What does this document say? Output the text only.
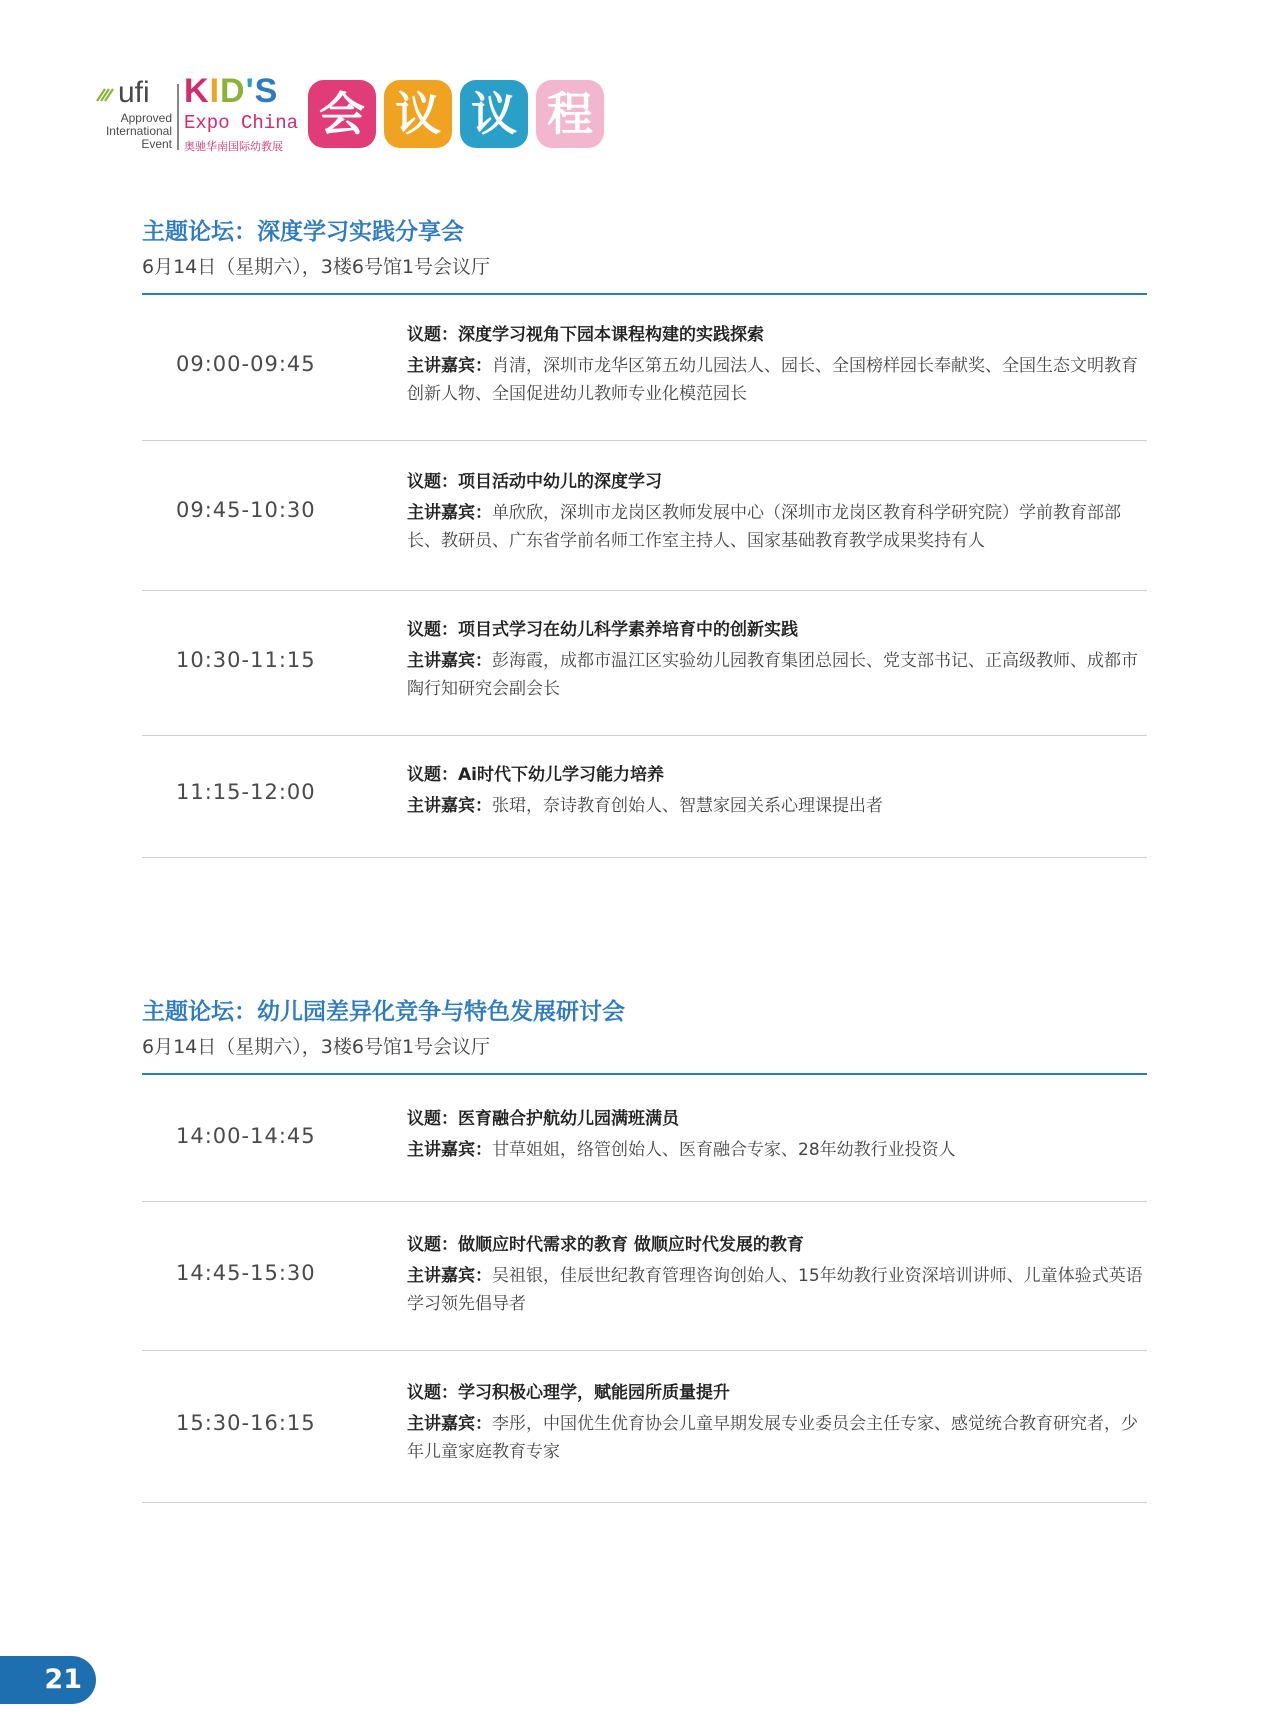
ufi
Approved
International
Event
KID'S
Expo China
奥驰华南国际幼教展
会 议 议 程
主题论坛：深度学习实践分享会
6月14日（星期六），3楼6号馆1号会议厅
09:00-09:45
议题：深度学习视角下园本课程构建的实践探索
主讲嘉宾：肖清，深圳市龙华区第五幼儿园法人、园长、全国榜样园长奉献奖、全国生态文明教育创新人物、全国促进幼儿教师专业化模范园长
09:45-10:30
议题：项目活动中幼儿的深度学习
主讲嘉宾：单欣欣，深圳市龙岗区教师发展中心（深圳市龙岗区教育科学研究院）学前教育部部长、教研员、广东省学前名师工作室主持人、国家基础教育教学成果奖持有人
10:30-11:15
议题：项目式学习在幼儿科学素养培育中的创新实践
主讲嘉宾：彭海霞，成都市温江区实验幼儿园教育集团总园长、党支部书记、正高级教师、成都市陶行知研究会副会长
11:15-12:00
议题：Ai时代下幼儿学习能力培养
主讲嘉宾：张珺，奈诗教育创始人、智慧家园关系心理课提出者
主题论坛：幼儿园差异化竞争与特色发展研讨会
6月14日（星期六），3楼6号馆1号会议厅
14:00-14:45
议题：医育融合护航幼儿园满班满员
主讲嘉宾：甘草姐姐，络管创始人、医育融合专家、28年幼教行业投资人
14:45-15:30
议题：做顺应时代需求的教育 做顺应时代发展的教育
主讲嘉宾：吴祖银，佳辰世纪教育管理咨询创始人、15年幼教行业资深培训讲师、儿童体验式英语学习领先倡导者
15:30-16:15
议题：学习积极心理学，赋能园所质量提升
主讲嘉宾：李彤，中国优生优育协会儿童早期发展专业委员会主任专家、感觉统合教育研究者，少年儿童家庭教育专家
21
